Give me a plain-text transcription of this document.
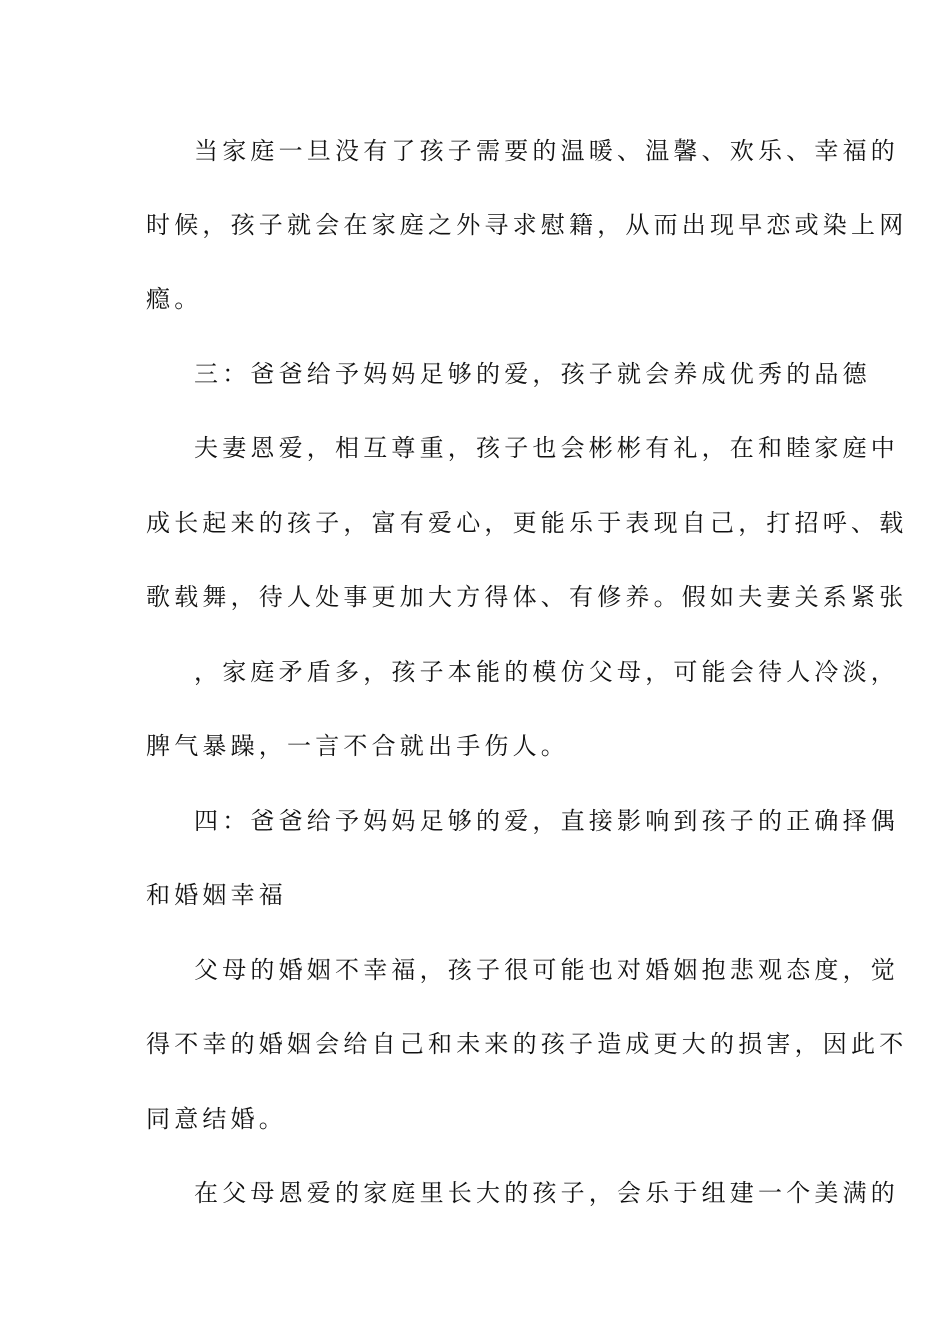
当家庭一旦没有了孩子需要的温暖、温馨、欢乐、幸福的
时候，孩子就会在家庭之外寻求慰籍，从而出现早恋或染上网
瘾。
三：爸爸给予妈妈足够的爱，孩子就会养成优秀的品德
夫妻恩爱，相互尊重，孩子也会彬彬有礼，在和睦家庭中
成长起来的孩子，富有爱心，更能乐于表现自己，打招呼、载
歌载舞，待人处事更加大方得体、有修养。假如夫妻关系紧张
，家庭矛盾多，孩子本能的模仿父母，可能会待人冷淡，
脾气暴躁，一言不合就出手伤人。
四：爸爸给予妈妈足够的爱，直接影响到孩子的正确择偶
和婚姻幸福
父母的婚姻不幸福，孩子很可能也对婚姻抱悲观态度，觉
得不幸的婚姻会给自己和未来的孩子造成更大的损害，因此不
同意结婚。
在父母恩爱的家庭里长大的孩子，会乐于组建一个美满的
